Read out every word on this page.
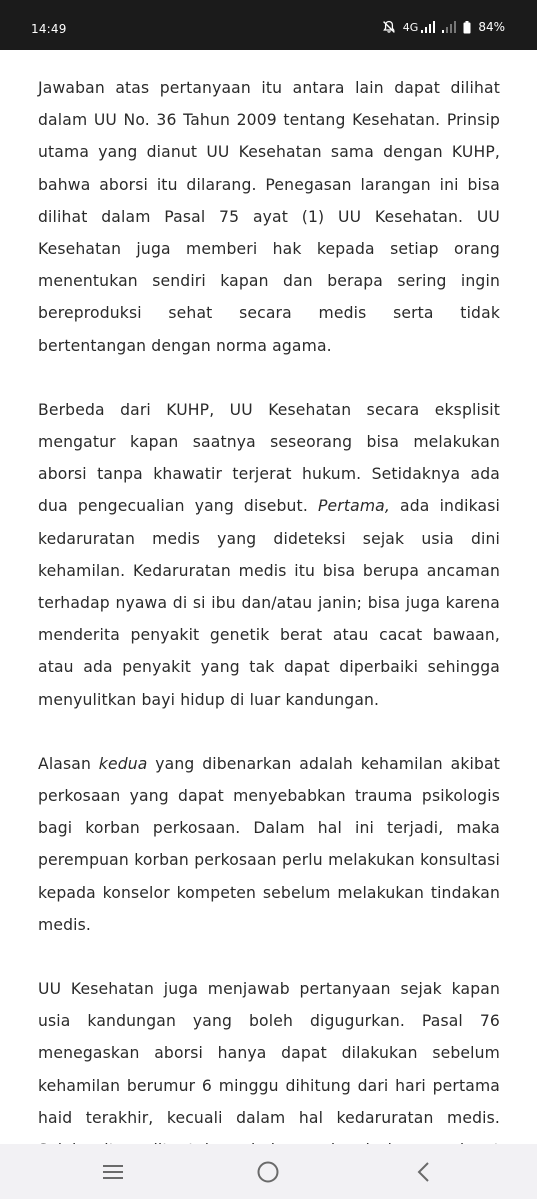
14:49	4G	84%

Jawaban atas pertanyaan itu antara lain dapat dilihat dalam UU No. 36 Tahun 2009 tentang Kesehatan. Prinsip utama yang dianut UU Kesehatan sama dengan KUHP, bahwa aborsi itu dilarang. Penegasan larangan ini bisa dilihat dalam Pasal 75 ayat (1) UU Kesehatan. UU Kesehatan juga memberi hak kepada setiap orang menentukan sendiri kapan dan berapa sering ingin bereproduksi sehat secara medis serta tidak bertentangan dengan norma agama.

Berbeda dari KUHP, UU Kesehatan secara eksplisit mengatur kapan saatnya seseorang bisa melakukan aborsi tanpa khawatir terjerat hukum. Setidaknya ada dua pengecualian yang disebut. Pertama, ada indikasi kedaruratan medis yang dideteksi sejak usia dini kehamilan. Kedaruratan medis itu bisa berupa ancaman terhadap nyawa di si ibu dan/atau janin; bisa juga karena menderita penyakit genetik berat atau cacat bawaan, atau ada penyakit yang tak dapat diperbaiki sehingga menyulitkan bayi hidup di luar kandungan.

Alasan kedua yang dibenarkan adalah kehamilan akibat perkosaan yang dapat menyebabkan trauma psikologis bagi korban perkosaan. Dalam hal ini terjadi, maka perempuan korban perkosaan perlu melakukan konsultasi kepada konselor kompeten sebelum melakukan tindakan medis.

UU Kesehatan juga menjawab pertanyaan sejak kapan usia kandungan yang boleh digugurkan. Pasal 76 menegaskan aborsi hanya dapat dilakukan sebelum kehamilan berumur 6 minggu dihitung dari hari pertama haid terakhir, kecuali dalam hal kedaruratan medis.
